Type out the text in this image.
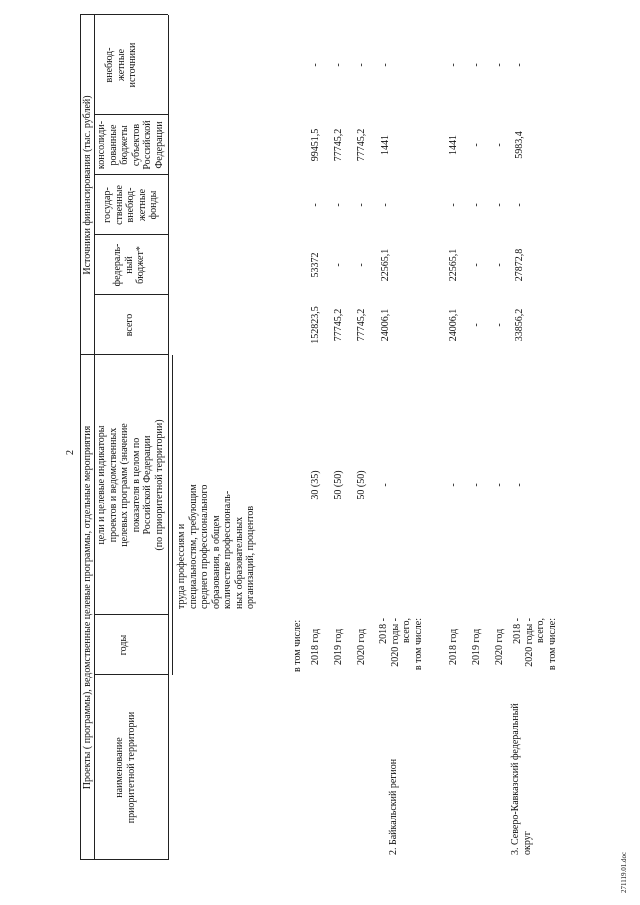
2 Проекты ( программы), ведомственные целевые программы, отдельные мероприятия
Источники финансирования (тыс. рублей)
наименование приоритетной территории
годы
цели и целевые индикаторы проектов и ведомственных целевых программ (значение показателя в целом по Российской Федерации (по приоритетной территории)
всего
федераль- ный бюджет*
государ- ственные внебюд- жетные фонды
консолиди- рованные бюджеты субъектов Российской Федерации
внебюд- жетные источники
труда профессиям и специальностям, требующим среднего профессионального образования, в общем количестве профессиональ- ных образовательных организаций, процентов
в том числе: 2018 год
30 (35)
152823,5
53372
-
99451,5
-
2019 год
50 (50)
77745,2
-
-
77745,2
-
2020 год
50 (50)
77745,2
-
-
77745,2
-
2. Байкальский регион
2018 - 2020 годы - всего, в том числе:
-
24006,1
22565,1
-
1441
-
2018 год
-
24006,1
22565,1
-
1441
-
2019 год
-
-
-
-
-
-
2020 год
-
-
-
-
-
-
3. Северо-Кавказский федеральный округ
2018 - 2020 годы - всего, в том числе:
-
33856,2
27872,8
-
5983,4
-
271119.01.doc
